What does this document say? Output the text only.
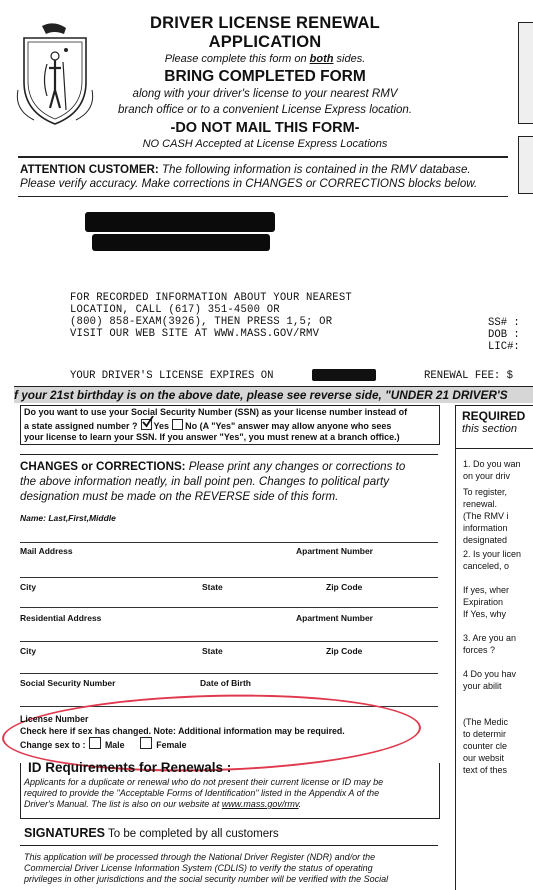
DRIVER LICENSE RENEWAL APPLICATION
Please complete this form on both sides.
BRING COMPLETED FORM
along with your driver's license to your nearest RMV
branch office or to a convenient License Express location.
-DO NOT MAIL THIS FORM-
NO CASH Accepted at License Express Locations
ATTENTION CUSTOMER: The following information is contained in the RMV database.
Please verify accuracy. Make corrections in CHANGES or CORRECTIONS blocks below.
FOR RECORDED INFORMATION ABOUT YOUR NEAREST
LOCATION, CALL (617) 351-4500 OR
(800) 858-EXAM(3926), THEN PRESS 1,5; OR
VISIT OUR WEB SITE AT WWW.MASS.GOV/RMV
SS# :
DOB :
LIC#:
YOUR DRIVER'S LICENSE EXPIRES ON	RENEWAL FEE: $
f your 21st birthday is on the above date, please see reverse side, "UNDER 21 DRIVER'S
Do you want to use your Social Security Number (SSN) as your license number instead of
a state assigned number ? Yes No (A "Yes" answer may allow anyone who sees
your license to learn your SSN. If you answer "Yes", you must renew at a branch office.)
REQUIRED
this section
CHANGES or CORRECTIONS: Please print any changes or corrections to
the above information neatly, in ball point pen. Changes to political party
designation must be made on the REVERSE side of this form.
Name: Last,First,Middle
Mail Address	Apartment Number
City	State	Zip Code
Residential Address	Apartment Number
City	State	Zip Code
Social Security Number	Date of Birth
License Number
Check here if sex has changed. Note: Additional information may be required.
Change sex to : Male	Female
ID Requirements for Renewals :
Applicants for a duplicate or renewal who do not present their current license or ID may be
required to provide the "Acceptable Forms of Identification" listed in the Appendix A of the
Driver's Manual. The list is also on our website at www.mass.gov/rmv.
SIGNATURES To be completed by all customers
This application will be processed through the National Driver Register (NDR) and/or the
Commercial Driver License Information System (CDLIS) to verify the status of operating
privileges in other jurisdictions and the social security number will be verified with the Social
1. Do you wan
on your driv
To register,
renewal.
(The RMV i
information
designated
2. Is your licen
canceled, o

If yes, wher
Expiration
If Yes, why

3. Are you an
forces ?

4 Do you hav
your abilit

(The Medic
to determir
counter cle
our websit
text of thes
